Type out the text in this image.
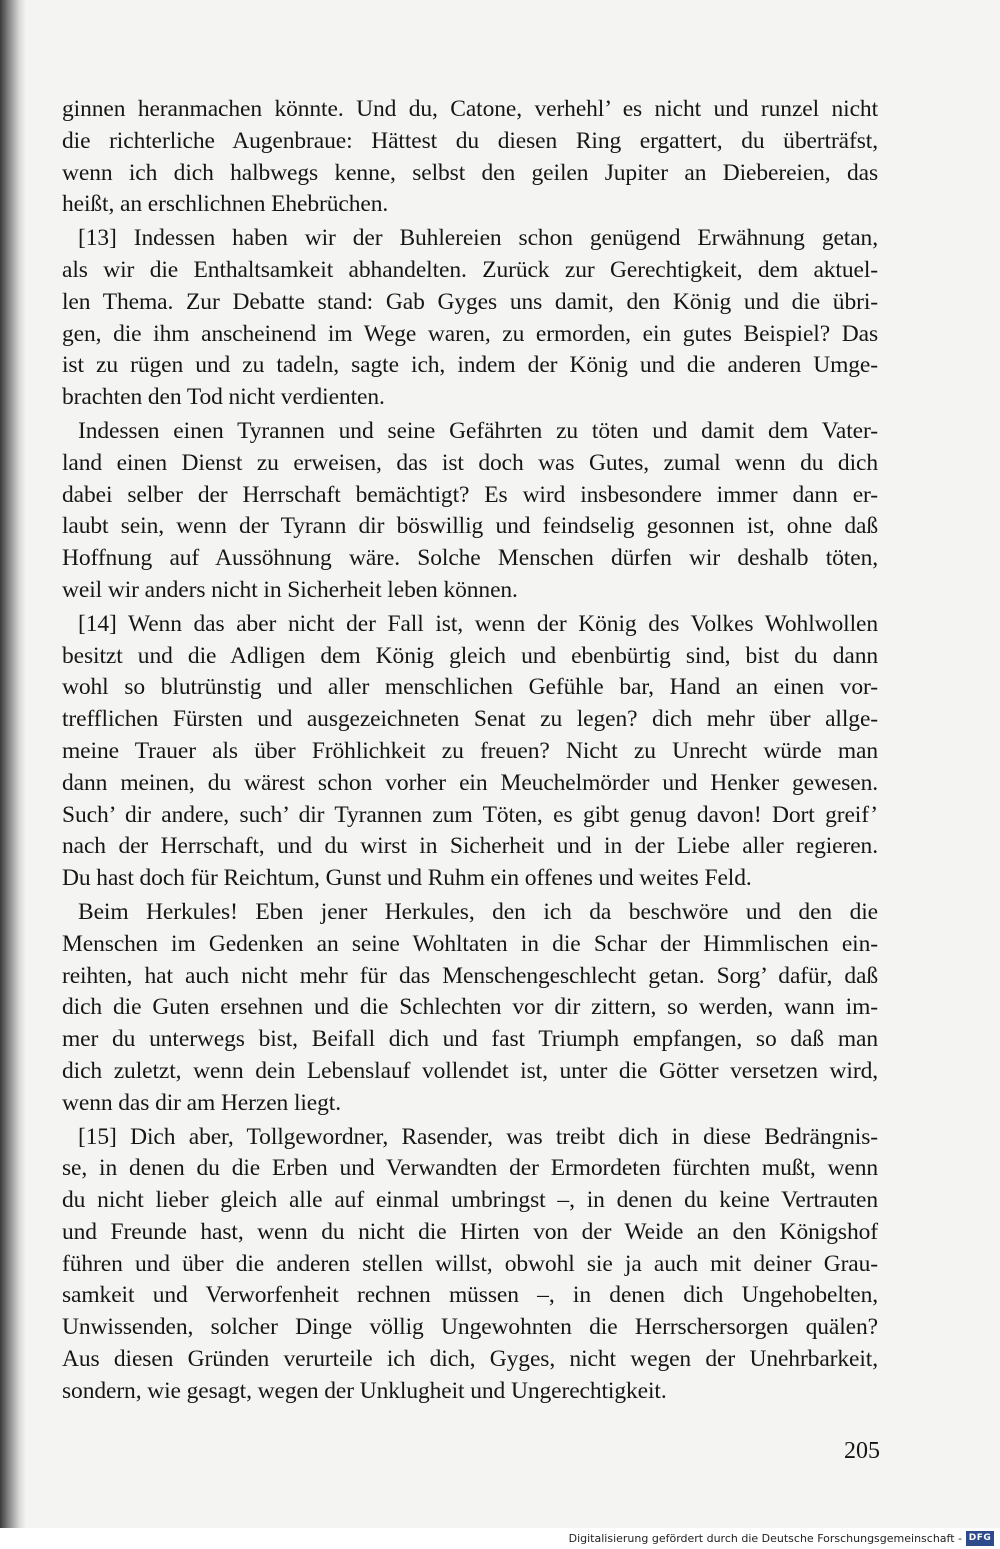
ginnen heranmachen könnte. Und du, Catone, verhehl’ es nicht und runzel nicht
die richterliche Augenbraue: Hättest du diesen Ring ergattert, du überträfst,
wenn ich dich halbwegs kenne, selbst den geilen Jupiter an Diebereien, das
heißt, an erschlichnen Ehebrüchen.
[13] Indessen haben wir der Buhlereien schon genügend Erwähnung getan,
als wir die Enthaltsamkeit abhandelten. Zurück zur Gerechtigkeit, dem aktuel-
len Thema. Zur Debatte stand: Gab Gyges uns damit, den König und die übri-
gen, die ihm anscheinend im Wege waren, zu ermorden, ein gutes Beispiel? Das
ist zu rügen und zu tadeln, sagte ich, indem der König und die anderen Umge-
brachten den Tod nicht verdienten.
Indessen einen Tyrannen und seine Gefährten zu töten und damit dem Vater-
land einen Dienst zu erweisen, das ist doch was Gutes, zumal wenn du dich
dabei selber der Herrschaft bemächtigt? Es wird insbesondere immer dann er-
laubt sein, wenn der Tyrann dir böswillig und feindselig gesonnen ist, ohne daß
Hoffnung auf Aussöhnung wäre. Solche Menschen dürfen wir deshalb töten,
weil wir anders nicht in Sicherheit leben können.
[14] Wenn das aber nicht der Fall ist, wenn der König des Volkes Wohlwollen
besitzt und die Adligen dem König gleich und ebenbürtig sind, bist du dann
wohl so blutrünstig und aller menschlichen Gefühle bar, Hand an einen vor-
trefflichen Fürsten und ausgezeichneten Senat zu legen? dich mehr über allge-
meine Trauer als über Fröhlichkeit zu freuen? Nicht zu Unrecht würde man
dann meinen, du wärest schon vorher ein Meuchelmörder und Henker gewesen.
Such’ dir andere, such’ dir Tyrannen zum Töten, es gibt genug davon! Dort greif’
nach der Herrschaft, und du wirst in Sicherheit und in der Liebe aller regieren.
Du hast doch für Reichtum, Gunst und Ruhm ein offenes und weites Feld.
Beim Herkules! Eben jener Herkules, den ich da beschwöre und den die
Menschen im Gedenken an seine Wohltaten in die Schar der Himmlischen ein-
reihten, hat auch nicht mehr für das Menschengeschlecht getan. Sorg’ dafür, daß
dich die Guten ersehnen und die Schlechten vor dir zittern, so werden, wann im-
mer du unterwegs bist, Beifall dich und fast Triumph empfangen, so daß man
dich zuletzt, wenn dein Lebenslauf vollendet ist, unter die Götter versetzen wird,
wenn das dir am Herzen liegt.
[15] Dich aber, Tollgewordner, Rasender, was treibt dich in diese Bedrängnis-
se, in denen du die Erben und Verwandten der Ermordeten fürchten mußt, wenn
du nicht lieber gleich alle auf einmal umbringst –, in denen du keine Vertrauten
und Freunde hast, wenn du nicht die Hirten von der Weide an den Königshof
führen und über die anderen stellen willst, obwohl sie ja auch mit deiner Grau-
samkeit und Verworfenheit rechnen müssen –, in denen dich Ungehobelten,
Unwissenden, solcher Dinge völlig Ungewohnten die Herrschersorgen quälen?
Aus diesen Gründen verurteile ich dich, Gyges, nicht wegen der Unehrbarkeit,
sondern, wie gesagt, wegen der Unklugheit und Ungerechtigkeit.
205
Digitalisierung gefördert durch die Deutsche Forschungsgemeinschaft - DFG
